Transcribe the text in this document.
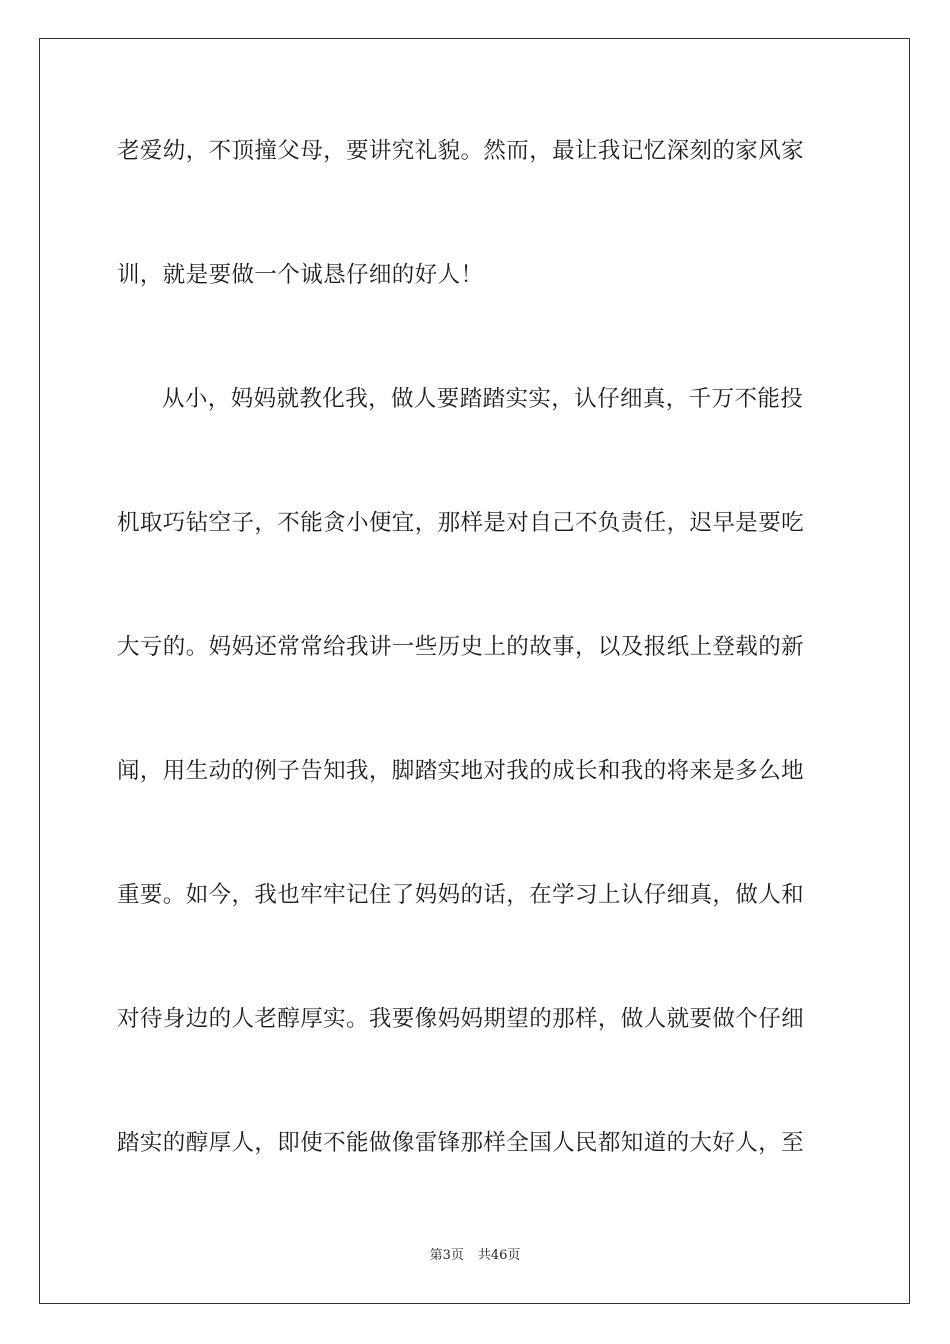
老爱幼，不顶撞父母，要讲究礼貌。然而，最让我记忆深刻的家风家
训，就是要做一个诚恳仔细的好人！
从小，妈妈就教化我，做人要踏踏实实，认仔细真，千万不能投
机取巧钻空子，不能贪小便宜，那样是对自己不负责任，迟早是要吃
大亏的。妈妈还常常给我讲一些历史上的故事，以及报纸上登载的新
闻，用生动的例子告知我，脚踏实地对我的成长和我的将来是多么地
重要。如今，我也牢牢记住了妈妈的话，在学习上认仔细真，做人和
对待身边的人老醇厚实。我要像妈妈期望的那样，做人就要做个仔细
踏实的醇厚人，即使不能做像雷锋那样全国人民都知道的大好人，至
第3页 共46页
